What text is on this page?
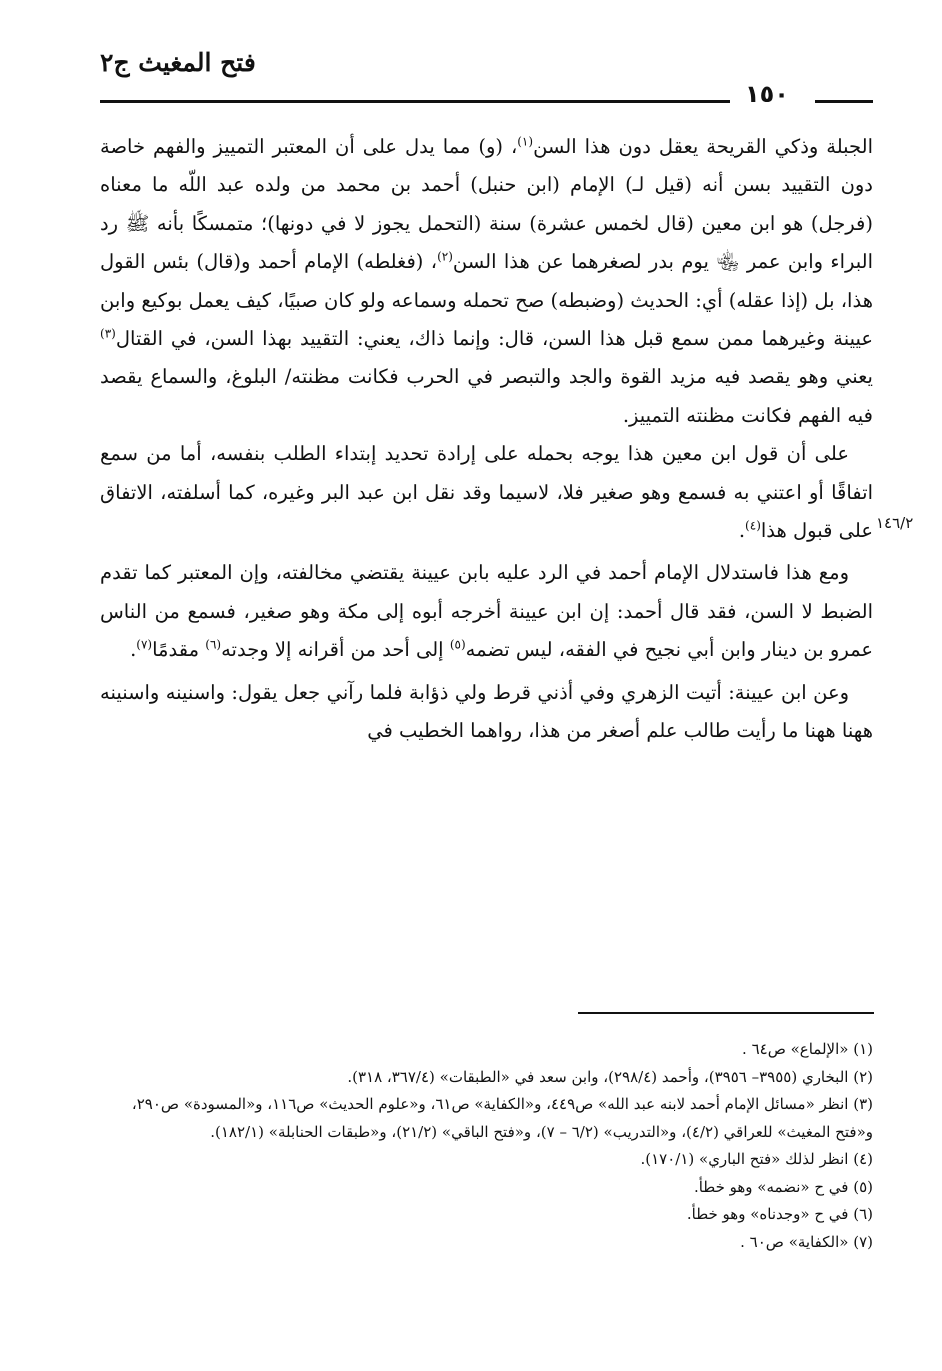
فتح المغيث ج٢
١٥٠
١٤٦/٢

الجبلة وذكي القريحة يعقل دون هذا السن$^{(١)}$، (و) مما يدل على أن المعتبر التمييز والفهم خاصة دون التقييد بسن أنه (قيل لـ) الإمام (ابن حنبل) أحمد بن محمد من ولده عبد اللّه ما معناه (فرجل) هو ابن معين (قال لخمس عشرة) سنة (التحمل يجوز لا في دونها)؛ متمسكًا بأنه ﷺ رد البراء وابن عمر ﵄ يوم بدر لصغرهما عن هذا السن$^{(٢)}$، (فغلطه) الإمام أحمد و(قال) بئس القول هذا، بل (إذا عقله) أي: الحديث (وضبطه) صح تحمله وسماعه ولو كان صبيًا، كيف يعمل بوكيع وابن عيينة وغيرهما ممن سمع قبل هذا السن، قال: وإنما ذاك، يعني: التقييد بهذا السن، في القتال$^{(٣)}$ يعني وهو يقصد فيه مزيد القوة والجد والتبصر في الحرب فكانت مظنته/ البلوغ، والسماع يقصد فيه الفهم فكانت مظنته التمييز.

على أن قول ابن معين هذا يوجه بحمله على إرادة تحديد إبتداء الطلب بنفسه، أما من سمع اتفاقًا أو اعتني به فسمع وهو صغير فلا، لاسيما وقد نقل ابن عبد البر وغيره، كما أسلفته، الاتفاق على قبول هذا$^{(٤)}$.

ومع هذا فاستدلال الإمام أحمد في الرد عليه بابن عيينة يقتضي مخالفته، وإن المعتبر كما تقدم الضبط لا السن، فقد قال أحمد: إن ابن عيينة أخرجه أبوه إلى مكة وهو صغير، فسمع من الناس عمرو بن دينار وابن أبي نجيح في الفقه، ليس تضمه$^{(٥)}$ إلى أحد من أقرانه إلا وجدته$^{(٦)}$ مقدمًا$^{(٧)}$.

وعن ابن عيينة: أتيت الزهري وفي أذني قرط ولي ذؤابة فلما رآني جعل يقول: واسنينه واسنينه ههنا ههنا ما رأيت طالب علم أصغر من هذا، رواهما الخطيب في

(١) «الإلماع» ص٦٤ .

(٢) البخاري (٣٩٥٥– ٣٩٥٦)، وأحمد (٢٩٨/٤)، وابن سعد في «الطبقات» (٣٦٧/٤، ٣١٨).

(٣) انظر «مسائل الإمام أحمد لابنه عبد الله» ص٤٤٩، و«الكفاية» ص٦١، و«علوم الحديث» ص١١٦، و«المسودة» ص٢٩٠، و«فتح المغيث» للعراقي (٤/٢)، و«التدريب» (٦/٢ – ٧)، و«فتح الباقي» (٢١/٢)، و«طبقات الحنابلة» (١٨٢/١).

(٤) انظر لذلك «فتح الباري» (١٧٠/١).

(٥) في ح «نضمه» وهو خطأ.

(٦) في ح «وجدناه» وهو خطأ.

(٧) «الكفاية» ص٦٠ .
